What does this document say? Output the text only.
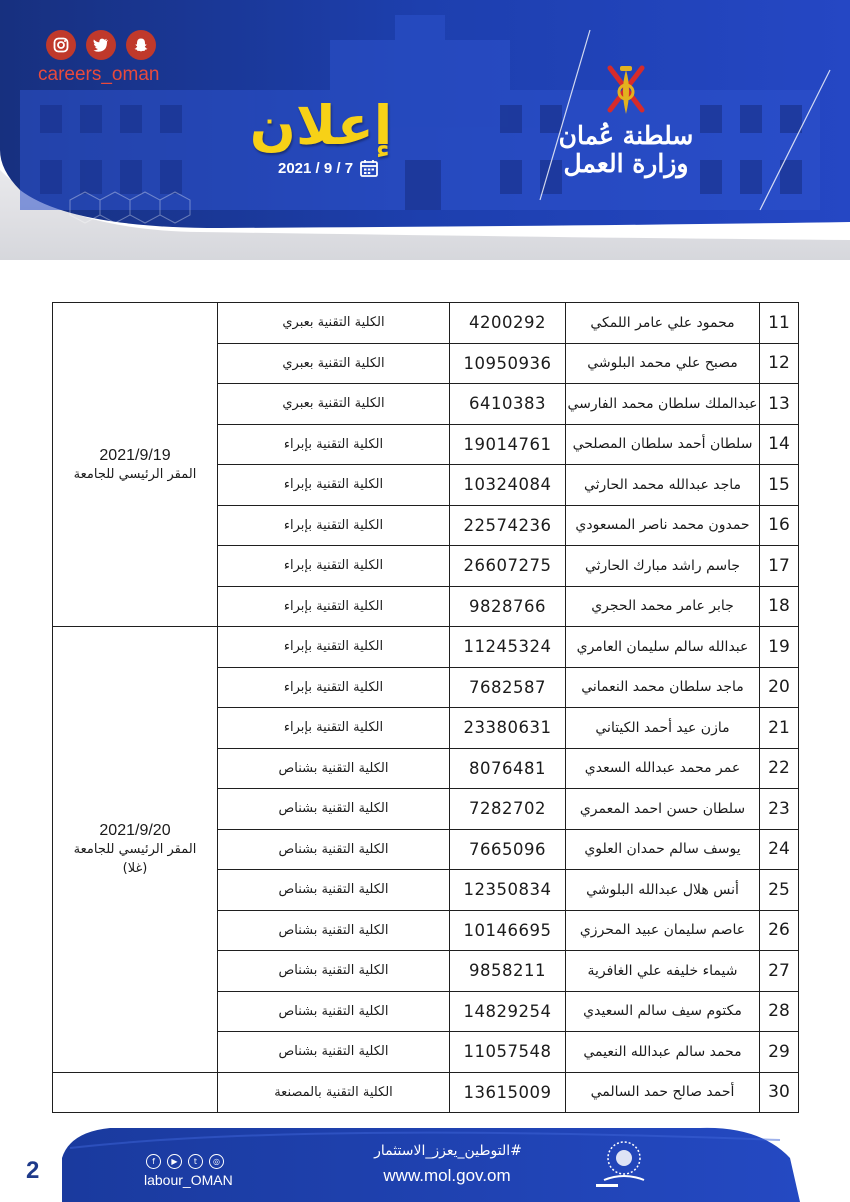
careers_oman
إعلان
2021 / 9 / 7
سلطنة عُمان
وزارة العمل
11	محمود علي عامر اللمكي	4200292	الكلية التقنية بعبري	2021/9/19
المقر الرئيسي للجامعة

12	مصبح علي محمد البلوشي	10950936	الكلية التقنية بعبري	
13	عبدالملك سلطان محمد الفارسي	6410383	الكلية التقنية بعبري	
14	سلطان أحمد سلطان المصلحي	19014761	الكلية التقنية بإبراء	
15	ماجد عبدالله محمد الحارثي	10324084	الكلية التقنية بإبراء	
16	حمدون محمد ناصر المسعودي	22574236	الكلية التقنية بإبراء	
17	جاسم راشد مبارك الحارثي	26607275	الكلية التقنية بإبراء	
18	جابر عامر محمد الحجري	9828766	الكلية التقنية بإبراء	
19	عبدالله سالم سليمان العامري	11245324	الكلية التقنية بإبراء	2021/9/20
المقر الرئيسي للجامعة
(غلا)

20	ماجد سلطان محمد النعماني	7682587	الكلية التقنية بإبراء	
21	مازن عيد أحمد الكيتاني	23380631	الكلية التقنية بإبراء	
22	عمر محمد عبدالله السعدي	8076481	الكلية التقنية بشناص	
23	سلطان حسن احمد المعمري	7282702	الكلية التقنية بشناص	
24	يوسف سالم حمدان العلوي	7665096	الكلية التقنية بشناص	
25	أنس هلال عبدالله البلوشي	12350834	الكلية التقنية بشناص	
26	عاصم سليمان عبيد المحرزي	10146695	الكلية التقنية بشناص	
27	شيماء خليفه علي الغافرية	9858211	الكلية التقنية بشناص	
28	مكتوم سيف سالم السعيدي	14829254	الكلية التقنية بشناص	
29	محمد سالم عبدالله النعيمي	11057548	الكلية التقنية بشناص	
30	أحمد صالح حمد السالمي	13615009	الكلية التقنية بالمصنعة	
2	f	▶	t	◎
labour_OMAN
#التوطين_يعزز_الاستثمار
www.mol.gov.om
